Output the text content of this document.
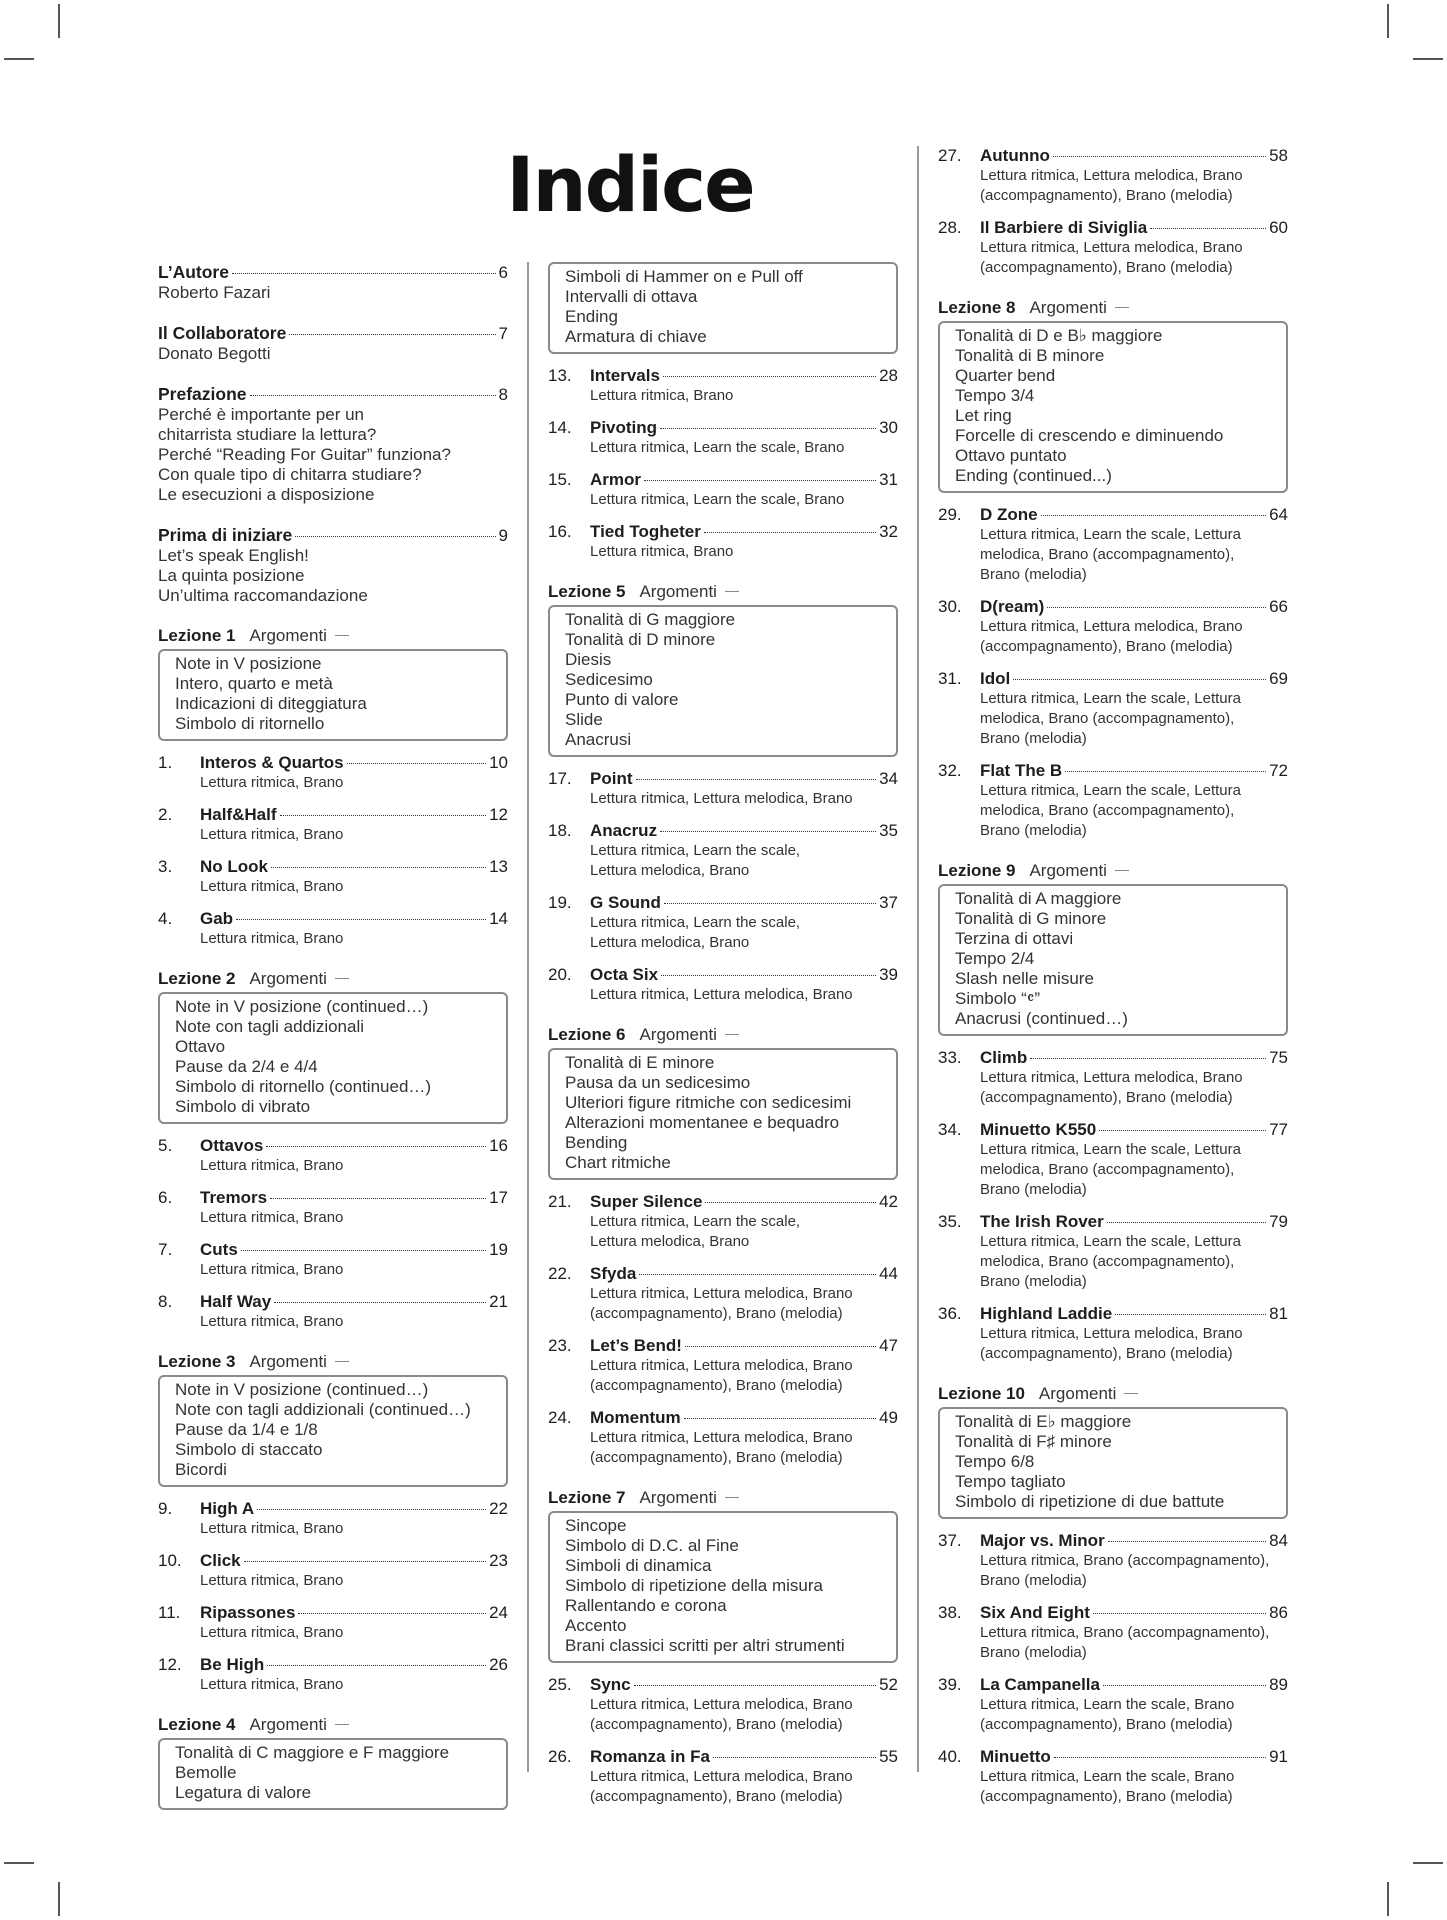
Indice
L’Autore	6
Roberto Fazari
Il Collaboratore	7
Donato Begotti
Prefazione	8
Perché è importante per un
chitarrista studiare la lettura?
Perché “Reading For Guitar” funziona?
Con quale tipo di chitarra studiare?
Le esecuzioni a disposizione
Prima di iniziare	9
Let’s speak English!
La quinta posizione
Un’ultima raccomandazione
Lezione 1 Argomenti
Note in V posizione
Intero, quarto e metà
Indicazioni di diteggiatura
Simbolo di ritornello
1.	Interos & Quartos	10
Lettura ritmica, Brano
2.	Half&Half	12
Lettura ritmica, Brano
3.	No Look	13
Lettura ritmica, Brano
4.	Gab	14
Lettura ritmica, Brano
Lezione 2 Argomenti
Note in V posizione (continued…)
Note con tagli addizionali
Ottavo
Pause da 2/4 e 4/4
Simbolo di ritornello (continued…)
Simbolo di vibrato
5.	Ottavos	16
Lettura ritmica, Brano
6.	Tremors	17
Lettura ritmica, Brano
7.	Cuts	19
Lettura ritmica, Brano
8.	Half Way	21
Lettura ritmica, Brano
Lezione 3 Argomenti
Note in V posizione (continued…)
Note con tagli addizionali (continued…)
Pause da 1/4 e 1/8
Simbolo di staccato
Bicordi
9.	High A	22
Lettura ritmica, Brano
10.	Click	23
Lettura ritmica, Brano
11.	Ripassones	24
Lettura ritmica, Brano
12.	Be High	26
Lettura ritmica, Brano
Lezione 4 Argomenti
Tonalità di C maggiore e F maggiore
Bemolle
Legatura di valore
Simboli di Hammer on e Pull off
Intervalli di ottava
Ending
Armatura di chiave
13.	Intervals	28
Lettura ritmica, Brano
14.	Pivoting	30
Lettura ritmica, Learn the scale, Brano
15.	Armor	31
Lettura ritmica, Learn the scale, Brano
16.	Tied Togheter	32
Lettura ritmica, Brano
Lezione 5 Argomenti
Tonalità di G maggiore
Tonalità di D minore
Diesis
Sedicesimo
Punto di valore
Slide
Anacrusi
17.	Point	34
Lettura ritmica, Lettura melodica, Brano
18.	Anacruz	35
Lettura ritmica, Learn the scale,
Lettura melodica, Brano
19.	G Sound	37
Lettura ritmica, Learn the scale,
Lettura melodica, Brano
20.	Octa Six	39
Lettura ritmica, Lettura melodica, Brano
Lezione 6 Argomenti
Tonalità di E minore
Pausa da un sedicesimo
Ulteriori figure ritmiche con sedicesimi
Alterazioni momentanee e bequadro
Bending
Chart ritmiche
21.	Super Silence	42
Lettura ritmica, Learn the scale,
Lettura melodica, Brano
22.	Sfyda	44
Lettura ritmica, Lettura melodica, Brano
(accompagnamento), Brano (melodia)
23.	Let’s Bend!	47
Lettura ritmica, Lettura melodica, Brano
(accompagnamento), Brano (melodia)
24.	Momentum	49
Lettura ritmica, Lettura melodica, Brano
(accompagnamento), Brano (melodia)
Lezione 7 Argomenti
Sincope
Simbolo di D.C. al Fine
Simboli di dinamica
Simbolo di ripetizione della misura
Rallentando e corona
Accento
Brani classici scritti per altri strumenti
25.	Sync	52
Lettura ritmica, Lettura melodica, Brano
(accompagnamento), Brano (melodia)
26.	Romanza in Fa	55
Lettura ritmica, Lettura melodica, Brano
(accompagnamento), Brano (melodia)
27.	Autunno	58
Lettura ritmica, Lettura melodica, Brano
(accompagnamento), Brano (melodia)
28.	Il Barbiere di Siviglia	60
Lettura ritmica, Lettura melodica, Brano
(accompagnamento), Brano (melodia)
Lezione 8 Argomenti
Tonalità di D e B♭ maggiore
Tonalità di B minore
Quarter bend
Tempo 3/4
Let ring
Forcelle di crescendo e diminuendo
Ottavo puntato
Ending (continued...)
29.	D Zone	64
Lettura ritmica, Learn the scale, Lettura
melodica, Brano (accompagnamento),
Brano (melodia)
30.	D(ream)	66
Lettura ritmica, Lettura melodica, Brano
(accompagnamento), Brano (melodia)
31.	Idol	69
Lettura ritmica, Learn the scale, Lettura
melodica, Brano (accompagnamento),
Brano (melodia)
32.	Flat The B	72
Lettura ritmica, Learn the scale, Lettura
melodica, Brano (accompagnamento),
Brano (melodia)
Lezione 9 Argomenti
Tonalità di A maggiore
Tonalità di G minore
Terzina di ottavi
Tempo 2/4
Slash nelle misure
Simbolo “𝄴”
Anacrusi (continued…)
33.	Climb	75
Lettura ritmica, Lettura melodica, Brano
(accompagnamento), Brano (melodia)
34.	Minuetto K550	77
Lettura ritmica, Learn the scale, Lettura
melodica, Brano (accompagnamento),
Brano (melodia)
35.	The Irish Rover	79
Lettura ritmica, Learn the scale, Lettura
melodica, Brano (accompagnamento),
Brano (melodia)
36.	Highland Laddie	81
Lettura ritmica, Lettura melodica, Brano
(accompagnamento), Brano (melodia)
Lezione 10 Argomenti
Tonalità di E♭ maggiore
Tonalità di F♯ minore
Tempo 6/8
Tempo tagliato
Simbolo di ripetizione di due battute
37.	Major vs. Minor	84
Lettura ritmica, Brano (accompagnamento),
Brano (melodia)
38.	Six And Eight	86
Lettura ritmica, Brano (accompagnamento),
Brano (melodia)
39.	La Campanella	89
Lettura ritmica, Learn the scale, Brano
(accompagnamento), Brano (melodia)
40.	Minuetto	91
Lettura ritmica, Learn the scale, Brano
(accompagnamento), Brano (melodia)
